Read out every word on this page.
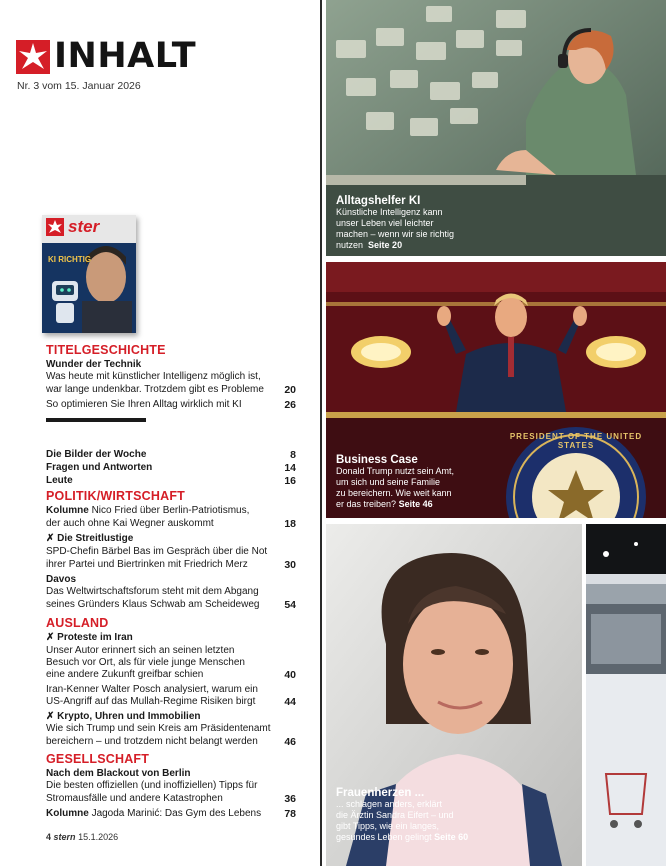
INHALT
Nr. 3 vom 15. Januar 2026
ster
KI RICHTIG
TITELGESCHICHTE
Wunder der Technik
Was heute mit künstlicher Intelligenz möglich ist,
war lange undenkbar. Trotzdem gibt es Probleme	20
So optimieren Sie Ihren Alltag wirklich mit KI	26
Die Bilder der Woche	8
Fragen und Antworten	14
Leute	16
POLITIK/WIRTSCHAFT
Kolumne Nico Fried über Berlin-Patriotismus,
der auch ohne Kai Wegner auskommt	18
✗ Die Streitlustige
SPD-Chefin Bärbel Bas im Gespräch über die Not
ihrer Partei und Biertrinken mit Friedrich Merz	30
Davos
Das Weltwirtschaftsforum steht mit dem Abgang
seines Gründers Klaus Schwab am Scheideweg	54
AUSLAND
✗ Proteste im Iran
Unser Autor erinnert sich an seinen letzten
Besuch vor Ort, als für viele junge Menschen
eine andere Zukunft greifbar schien	40
Iran-Kenner Walter Posch analysiert, warum ein
US-Angriff auf das Mullah-Regime Risiken birgt	44
✗ Krypto, Uhren und Immobilien
Wie sich Trump und sein Kreis am Präsidentenamt
bereichern – und trotzdem nicht belangt werden	46
GESELLSCHAFT
Nach dem Blackout von Berlin
Die besten offiziellen (und inoffiziellen) Tipps für
Stromausfälle und andere Katastrophen	36
Kolumne Jagoda Marinić: Das Gym des Lebens	78
4 stern 15.1.2026
Alltagshelfer KI
Künstliche Intelligenz kann
unser Leben viel leichter
machen – wenn wir sie richtig
nutzen Seite 20
PRESIDENT OF THE UNITED STATES
Business Case
Donald Trump nutzt sein Amt,
um sich und seine Familie
zu bereichern. Wie weit kann
er das treiben? Seite 46
Frauenherzen ...
... schlagen anders, erklärt
die Ärztin Sandra Eifert – und
gibt Tipps, wie ein langes,
gesundes Leben gelingt Seite 60
